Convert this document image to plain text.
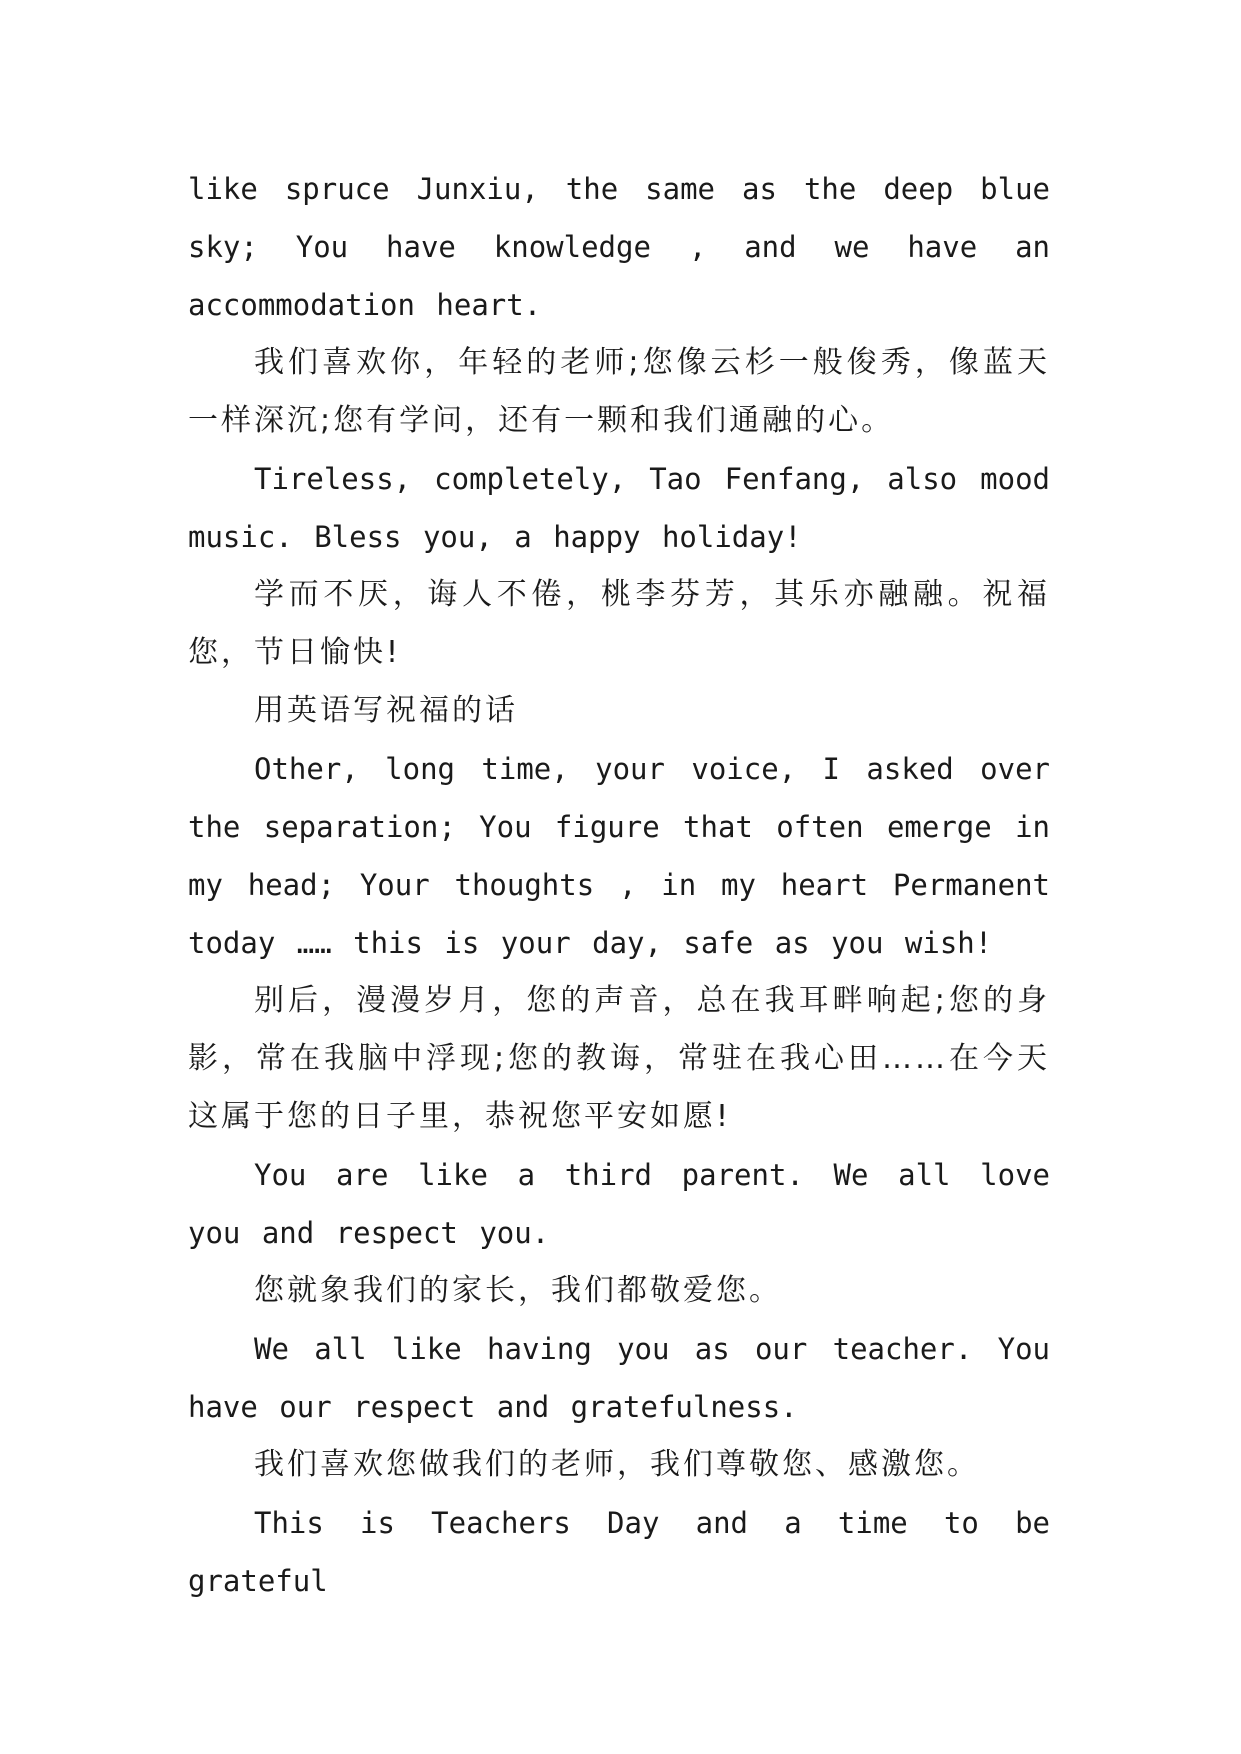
like spruce Junxiu, the same as the deep blue sky; You have knowledge , and we have an accommodation heart.

我们喜欢你，年轻的老师;您像云杉一般俊秀，像蓝天一样深沉;您有学问，还有一颗和我们通融的心。

Tireless, completely, Tao Fenfang, also mood music. Bless you, a happy holiday!

学而不厌，诲人不倦，桃李芬芳，其乐亦融融。祝福您，节日愉快!

用英语写祝福的话

Other, long time, your voice, I asked over the separation; You figure that often emerge in my head; Your thoughts , in my heart Permanent today …… this is your day, safe as you wish!

别后，漫漫岁月，您的声音，总在我耳畔响起;您的身影，常在我脑中浮现;您的教诲，常驻在我心田……在今天这属于您的日子里，恭祝您平安如愿!

You are like a third parent. We all love you and respect you.

您就象我们的家长，我们都敬爱您。

We all like having you as our teacher. You have our respect and gratefulness.

我们喜欢您做我们的老师，我们尊敬您、感激您。

This is Teachers Day and a time to be grateful
